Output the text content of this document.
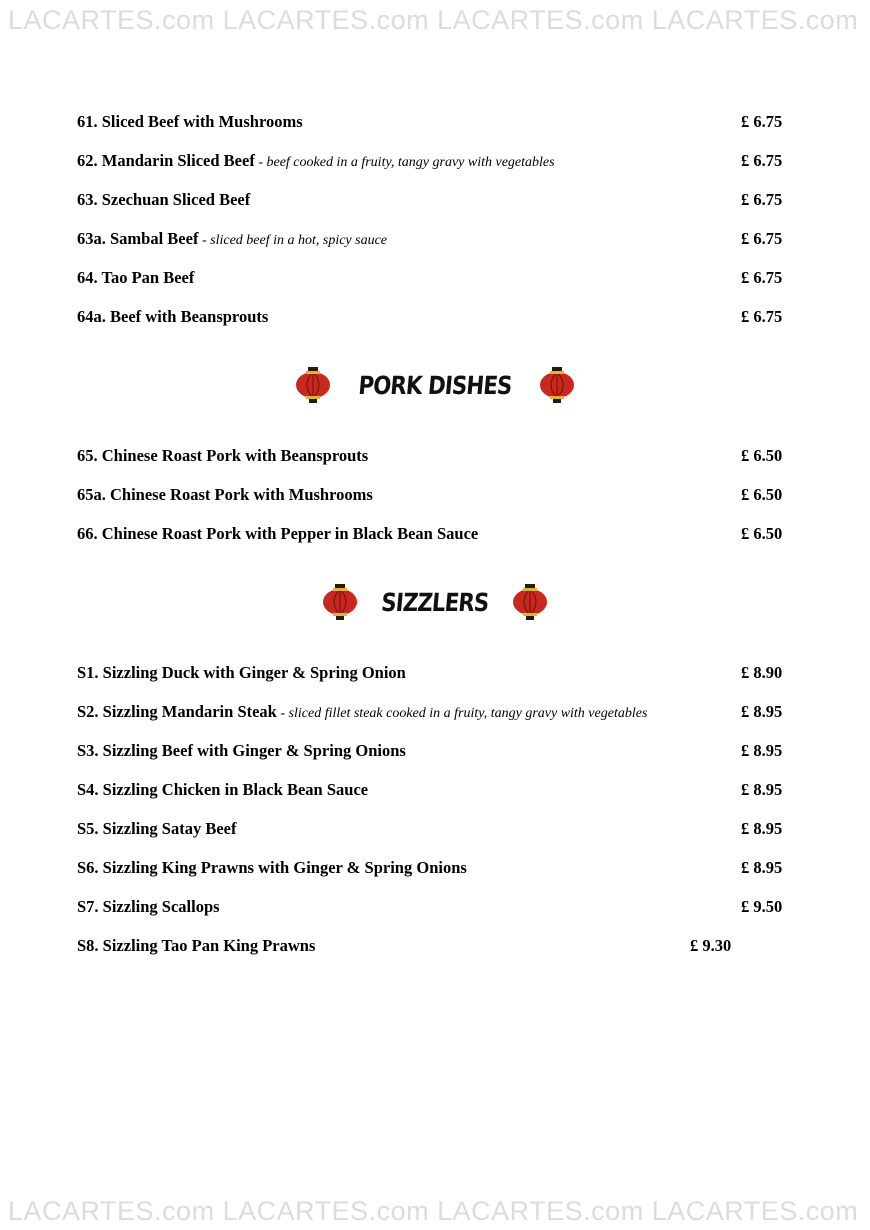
LACARTES.com LACARTES.com LACARTES.com LACARTES.com
LACARTES.com LACARTES.com LACARTES.com LACARTES.com
61. Sliced Beef with Mushrooms	£ 6.75
62. Mandarin Sliced Beef - beef cooked in a fruity, tangy gravy with vegetables	£ 6.75
63. Szechuan Sliced Beef	£ 6.75
63a. Sambal Beef - sliced beef in a hot, spicy sauce	£ 6.75
64. Tao Pan Beef	£ 6.75
64a. Beef with Beansprouts	£ 6.75
PORK DISHES
65. Chinese Roast Pork with Beansprouts	£ 6.50
65a. Chinese Roast Pork with Mushrooms	£ 6.50
66. Chinese Roast Pork with Pepper in Black Bean Sauce	£ 6.50
SIZZLERS
S1. Sizzling Duck with Ginger & Spring Onion	£ 8.90
S2. Sizzling Mandarin Steak - sliced fillet steak cooked in a fruity, tangy gravy with vegetables	£ 8.95
S3. Sizzling Beef with Ginger & Spring Onions	£ 8.95
S4. Sizzling Chicken in Black Bean Sauce	£ 8.95
S5. Sizzling Satay Beef	£ 8.95
S6. Sizzling King Prawns with Ginger & Spring Onions	£ 8.95
S7. Sizzling Scallops	£ 9.50
S8. Sizzling Tao Pan King Prawns	£ 9.30
